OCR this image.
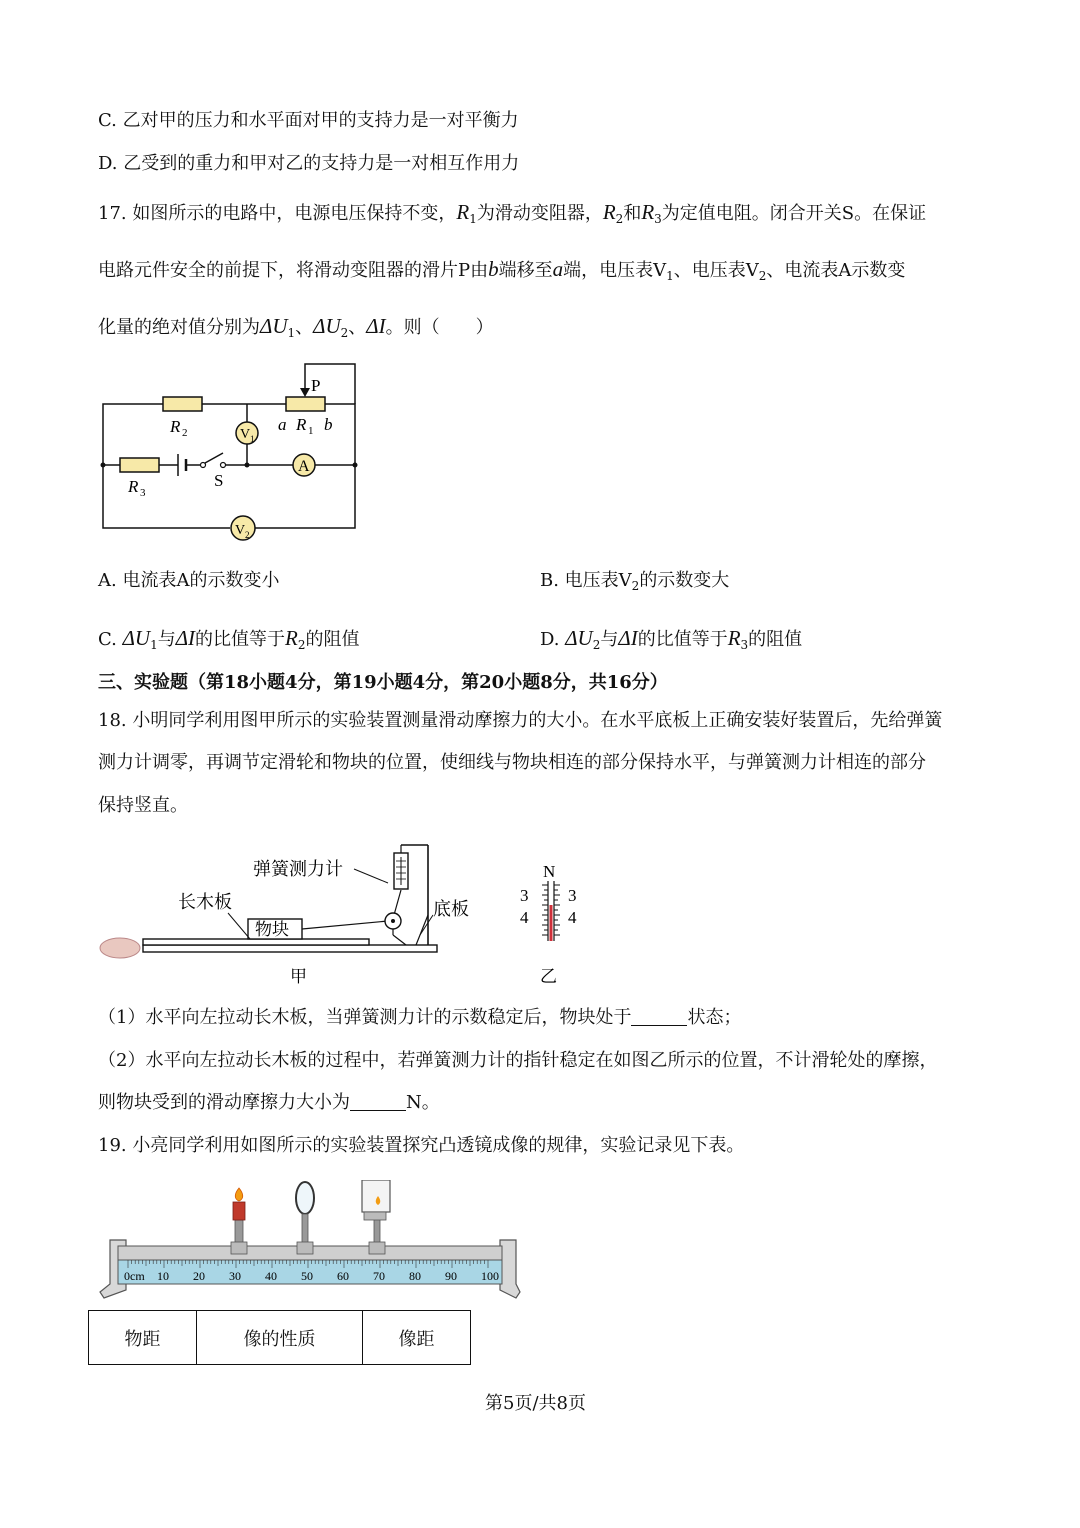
C. 乙对甲的压力和水平面对甲的支持力是一对平衡力
D. 乙受到的重力和甲对乙的支持力是一对相互作用力
17. 如图所示的电路中，电源电压保持不变，$R_1$为滑动变阻器，$R_2$和$R_3$为定值电阻。闭合开关S。在保证
电路元件安全的前提下，将滑动变阻器的滑片P由b端移至a端，电压表$V_1$、电压表$V_2$、电流表A示数变
化量的绝对值分别为$\Delta U_1$、$\Delta U_2$、ΔI。则（　　）
P
R 2	a R 1 b
V 1
A
R 3
S
V 2
A. 电流表A的示数变小	B. 电压表$V_2$的示数变大
C. $\Delta U_1$与ΔI的比值等于$R_2$的阻值	D. $\Delta U_2$与ΔI的比值等于$R_3$的阻值
三、实验题（第18小题4分，第19小题4分，第20小题8分，共16分）
18. 小明同学利用图甲所示的实验装置测量滑动摩擦力的大小。在水平底板上正确安装好装置后，先给弹簧
测力计调零，再调节定滑轮和物块的位置，使细线与物块相连的部分保持水平，与弹簧测力计相连的部分
保持竖直。
弹簧测力计
长木板
物块
底板
甲
N
3 3
4 4
乙
（1）水平向左拉动长木板，当弹簧测力计的示数稳定后，物块处于	状态；
（2）水平向左拉动长木板的过程中，若弹簧测力计的指针稳定在如图乙所示的位置，不计滑轮处的摩擦，
则物块受到的滑动摩擦力大小为	N。
19. 小亮同学利用如图所示的实验装置探究凸透镜成像的规律，实验记录见下表。
0cm 10 20 30 40 50 60 70 80 90 100
物距	像的性质	像距
第5页/共8页
